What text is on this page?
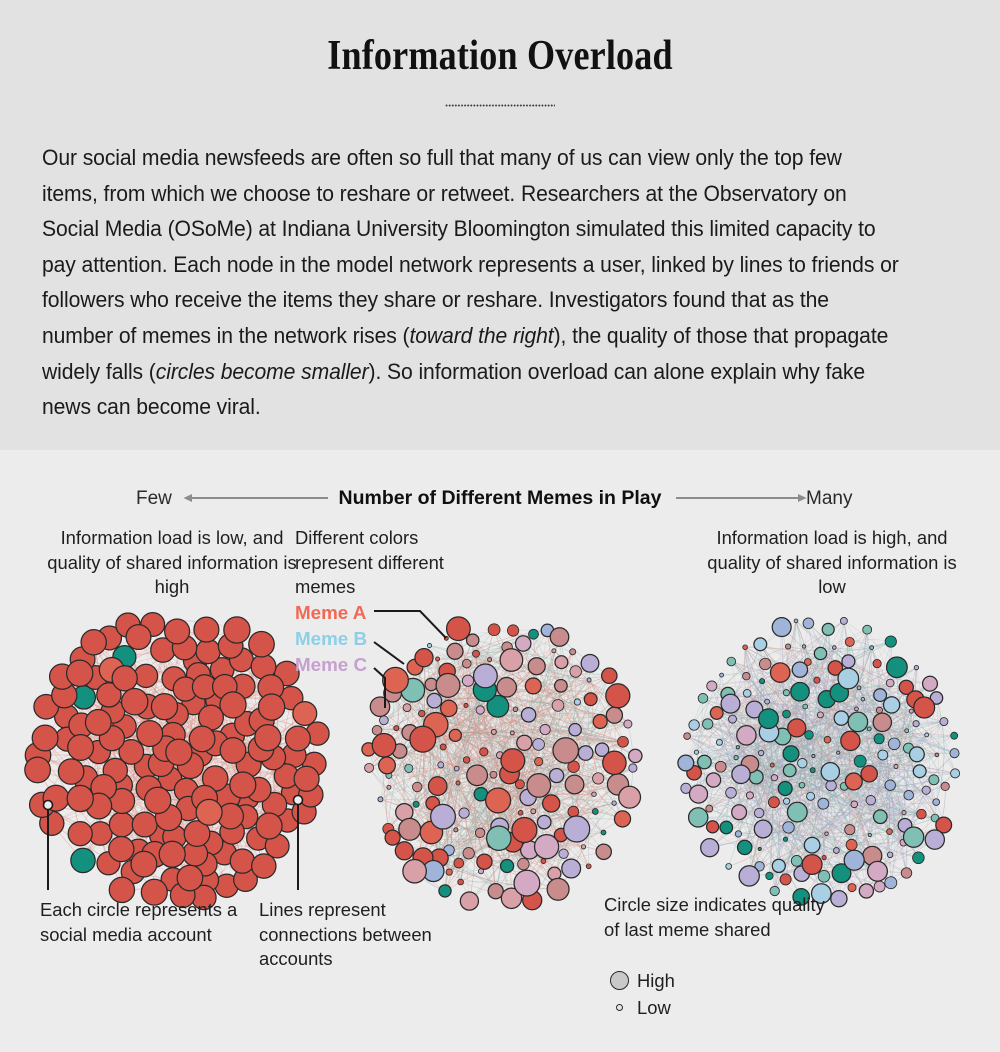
Information Overload
Our social media newsfeeds are often so full that many of us can view only the top few items, from which we choose to reshare or retweet. Researchers at the Observatory on Social Media (OSoMe) at Indiana University Bloomington simulated this limited capacity to pay attention. Each node in the model network represents a user, linked by lines to friends or followers who receive the items they share or reshare. Investigators found that as the number of memes in the network rises (toward the right), the quality of those that propagate widely falls (circles become smaller). So information overload can alone explain why fake news can become viral.
Few	Number of Different Memes in Play	Many
Information load is low, and quality of shared information is high
Different colors represent different memes
Information load is high, and quality of shared information is low
Meme A
Meme B
Meme C
Each circle represents a social media account
Lines represent connections between accounts
Circle size indicates quality of last meme shared
High
Low
